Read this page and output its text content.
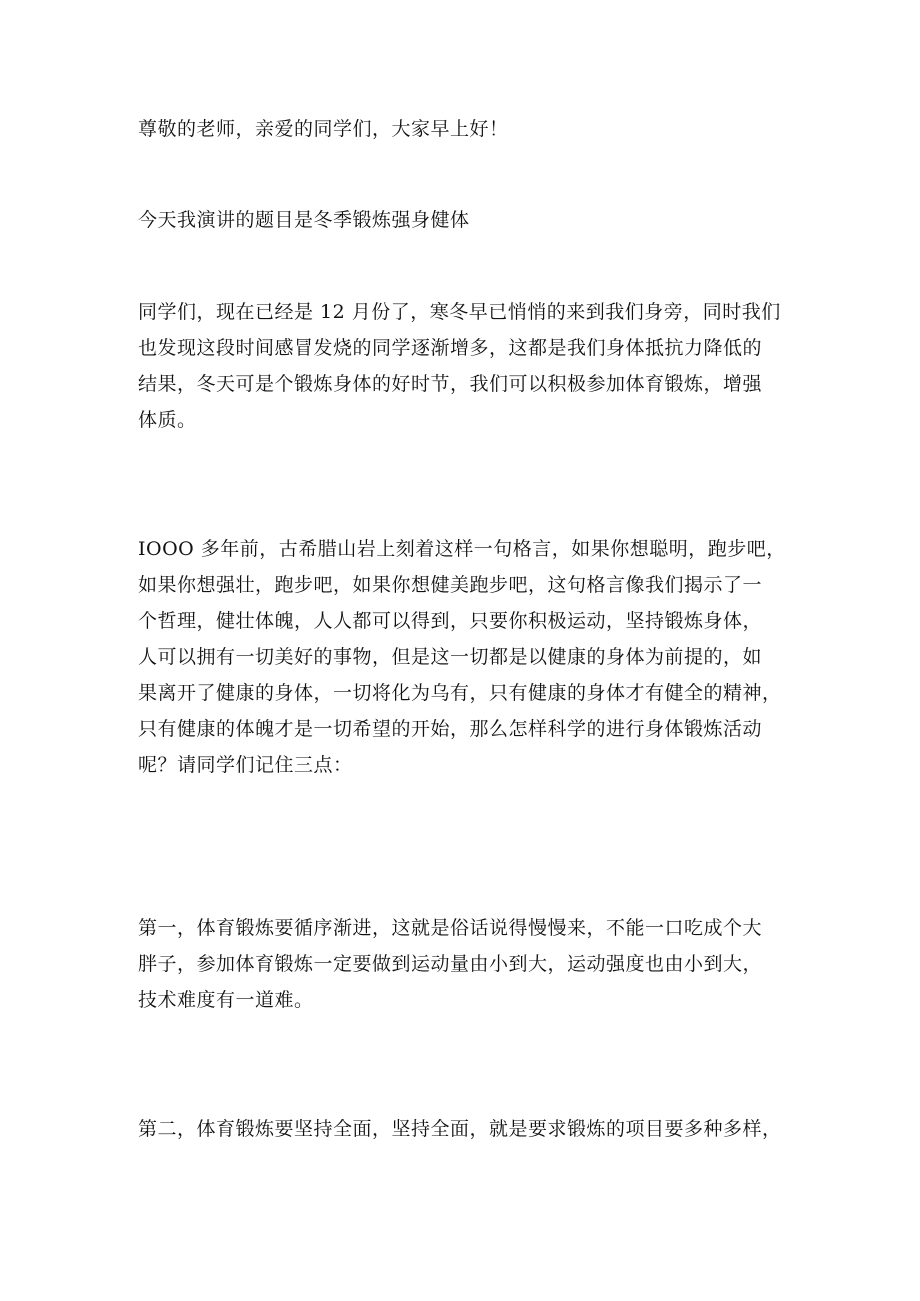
尊敬的老师，亲爱的同学们，大家早上好！

今天我演讲的题目是冬季锻炼强身健体

同学们，现在已经是 12 月份了，寒冬早已悄悄的来到我们身旁，同时我们
也发现这段时间感冒发烧的同学逐渐增多，这都是我们身体抵抗力降低的
结果，冬天可是个锻炼身体的好时节，我们可以积极参加体育锻炼，增强
体质。

IOOO 多年前，古希腊山岩上刻着这样一句格言，如果你想聪明，跑步吧，
如果你想强壮，跑步吧，如果你想健美跑步吧，这句格言像我们揭示了一
个哲理，健壮体魄，人人都可以得到，只要你积极运动，坚持锻炼身体，
人可以拥有一切美好的事物，但是这一切都是以健康的身体为前提的，如
果离开了健康的身体，一切将化为乌有，只有健康的身体才有健全的精神，
只有健康的体魄才是一切希望的开始，那么怎样科学的进行身体锻炼活动
呢？请同学们记住三点：

第一，体育锻炼要循序渐进，这就是俗话说得慢慢来，不能一口吃成个大
胖子，参加体育锻炼一定要做到运动量由小到大，运动强度也由小到大，
技术难度有一道难。

第二，体育锻炼要坚持全面，坚持全面，就是要求锻炼的项目要多种多样，
